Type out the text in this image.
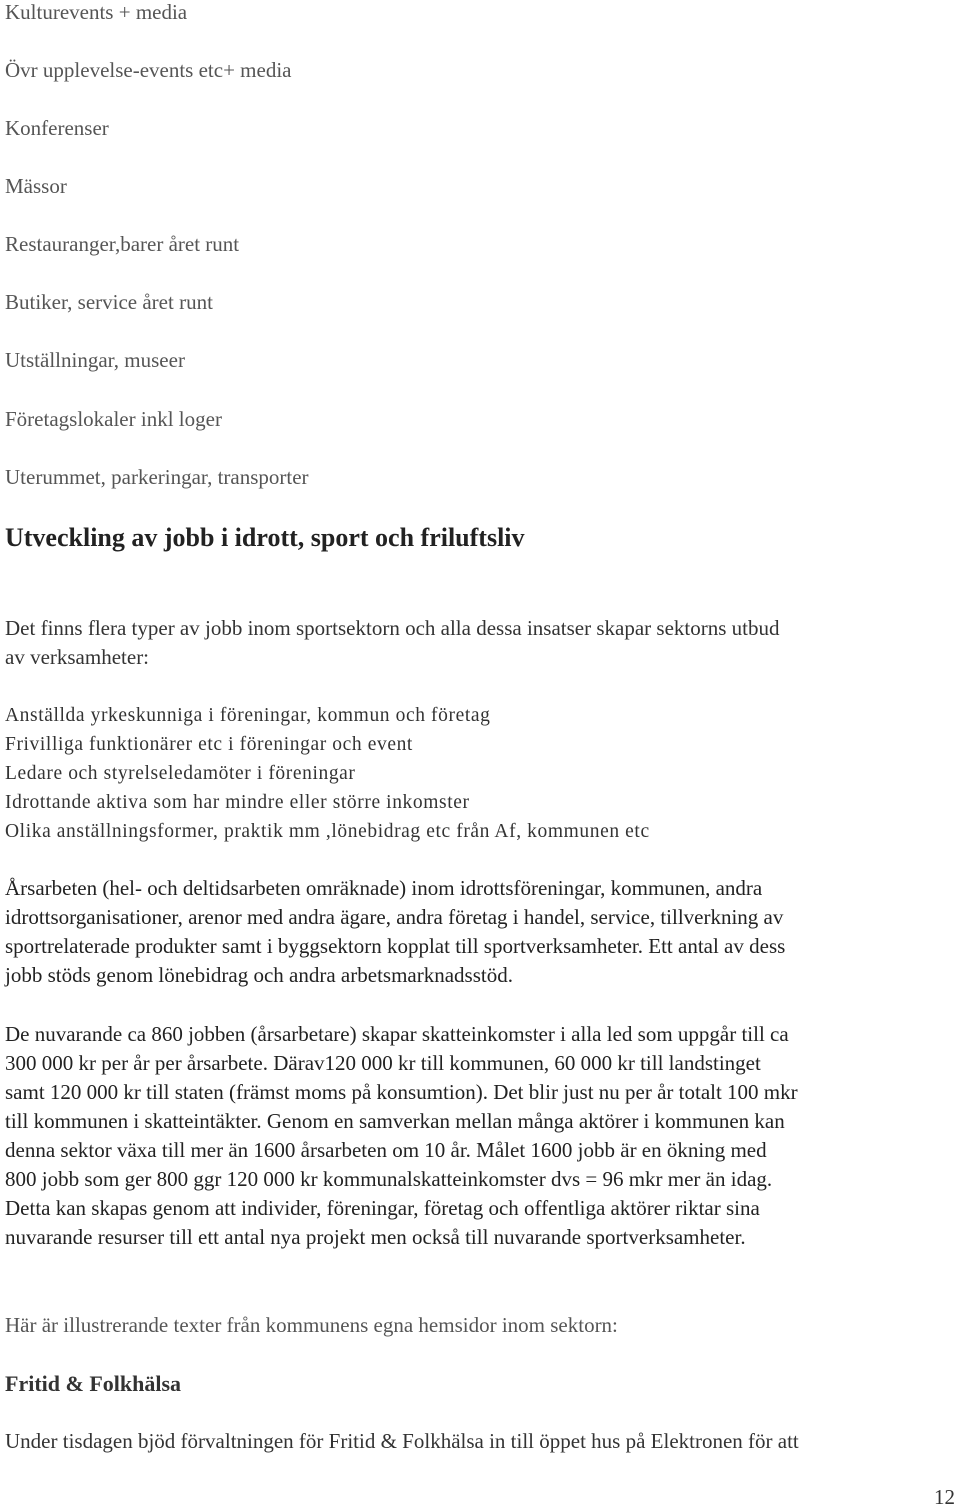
Kulturevents + media
Övr upplevelse-events etc+ media
Konferenser
Mässor
Restauranger,barer året runt
Butiker, service året runt
Utställningar, museer
Företagslokaler inkl loger
Uterummet, parkeringar, transporter
Utveckling av jobb i idrott, sport och friluftsliv
Det finns flera typer av jobb inom sportsektorn och alla dessa insatser skapar sektorns utbud
av verksamheter:
Anställda yrkeskunniga i föreningar, kommun och företag
Frivilliga funktionärer etc i föreningar och event
Ledare och styrelseledamöter i föreningar
Idrottande aktiva som har mindre eller större inkomster
Olika anställningsformer, praktik mm ,lönebidrag etc från Af, kommunen etc

Årsarbeten (hel- och deltidsarbeten omräknade) inom idrottsföreningar, kommunen, andra

idrottsorganisationer, arenor med andra ägare, andra företag i handel, service, tillverkning av

sportrelaterade produkter samt i byggsektorn kopplat till sportverksamheter. Ett antal av dess

jobb stöds genom lönebidrag och andra arbetsmarknadsstöd.

De nuvarande ca 860 jobben (årsarbetare) skapar skatteinkomster i alla led som uppgår till ca

300 000 kr per år per årsarbete. Därav120 000 kr till kommunen, 60 000 kr till landstinget

samt 120 000 kr till staten (främst moms på konsumtion). Det blir just nu per år totalt 100 mkr

till kommunen i skatteintäkter. Genom en samverkan mellan många aktörer i kommunen kan

denna sektor växa till mer än 1600 årsarbeten om 10 år. Målet 1600 jobb är en ökning med

800 jobb som ger 800 ggr 120 000 kr kommunalskatteinkomster dvs = 96 mkr mer än idag.

Detta kan skapas genom att individer, föreningar, företag och offentliga aktörer riktar sina

nuvarande resurser till ett antal nya projekt men också till nuvarande sportverksamheter.

Här är illustrerande texter från kommunens egna hemsidor inom sektorn:
Fritid & Folkhälsa
Under tisdagen bjöd förvaltningen för Fritid & Folkhälsa in till öppet hus på Elektronen för att
12
